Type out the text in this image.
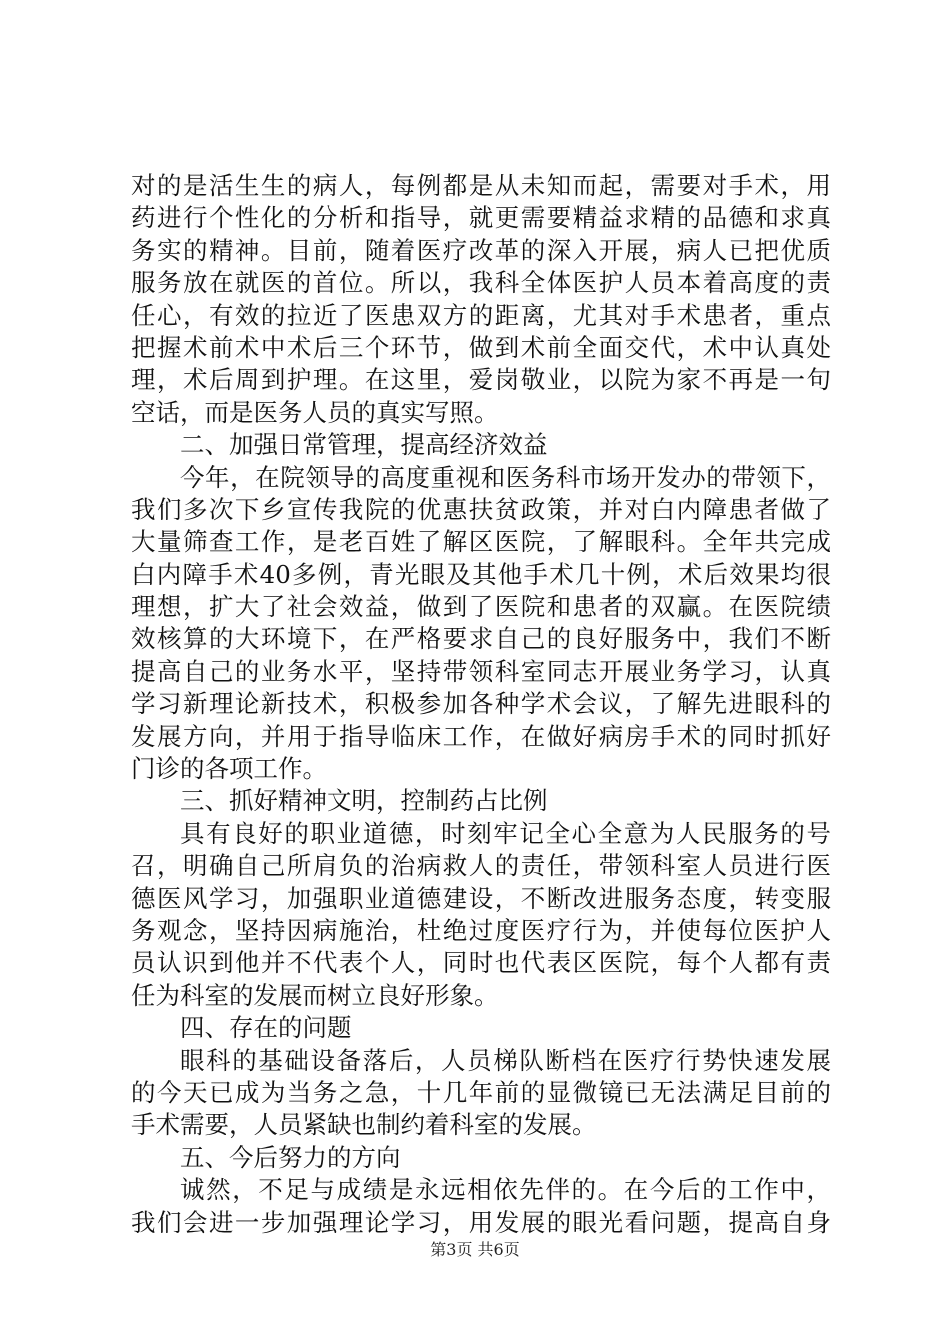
对的是活生生的病人，每例都是从未知而起，需要对手术，用
药进行个性化的分析和指导，就更需要精益求精的品德和求真
务实的精神。目前，随着医疗改革的深入开展，病人已把优质
服务放在就医的首位。所以，我科全体医护人员本着高度的责
任心，有效的拉近了医患双方的距离，尤其对手术患者，重点
把握术前术中术后三个环节，做到术前全面交代，术中认真处
理，术后周到护理。在这里，爱岗敬业，以院为家不再是一句
空话，而是医务人员的真实写照。
二、加强日常管理，提高经济效益
今年，在院领导的高度重视和医务科市场开发办的带领下，
我们多次下乡宣传我院的优惠扶贫政策，并对白内障患者做了
大量筛查工作，是老百姓了解区医院，了解眼科。全年共完成
白内障手术40多例，青光眼及其他手术几十例，术后效果均很
理想，扩大了社会效益，做到了医院和患者的双赢。在医院绩
效核算的大环境下，在严格要求自己的良好服务中，我们不断
提高自己的业务水平，坚持带领科室同志开展业务学习，认真
学习新理论新技术，积极参加各种学术会议，了解先进眼科的
发展方向，并用于指导临床工作，在做好病房手术的同时抓好
门诊的各项工作。
三、抓好精神文明，控制药占比例
具有良好的职业道德，时刻牢记全心全意为人民服务的号
召，明确自己所肩负的治病救人的责任，带领科室人员进行医
德医风学习，加强职业道德建设，不断改进服务态度，转变服
务观念，坚持因病施治，杜绝过度医疗行为，并使每位医护人
员认识到他并不代表个人，同时也代表区医院，每个人都有责
任为科室的发展而树立良好形象。
四、存在的问题
眼科的基础设备落后，人员梯队断档在医疗行势快速发展
的今天已成为当务之急，十几年前的显微镜已无法满足目前的
手术需要，人员紧缺也制约着科室的发展。
五、今后努力的方向
诚然，不足与成绩是永远相依先伴的。在今后的工作中，
我们会进一步加强理论学习，用发展的眼光看问题，提高自身
第3页 共6页
